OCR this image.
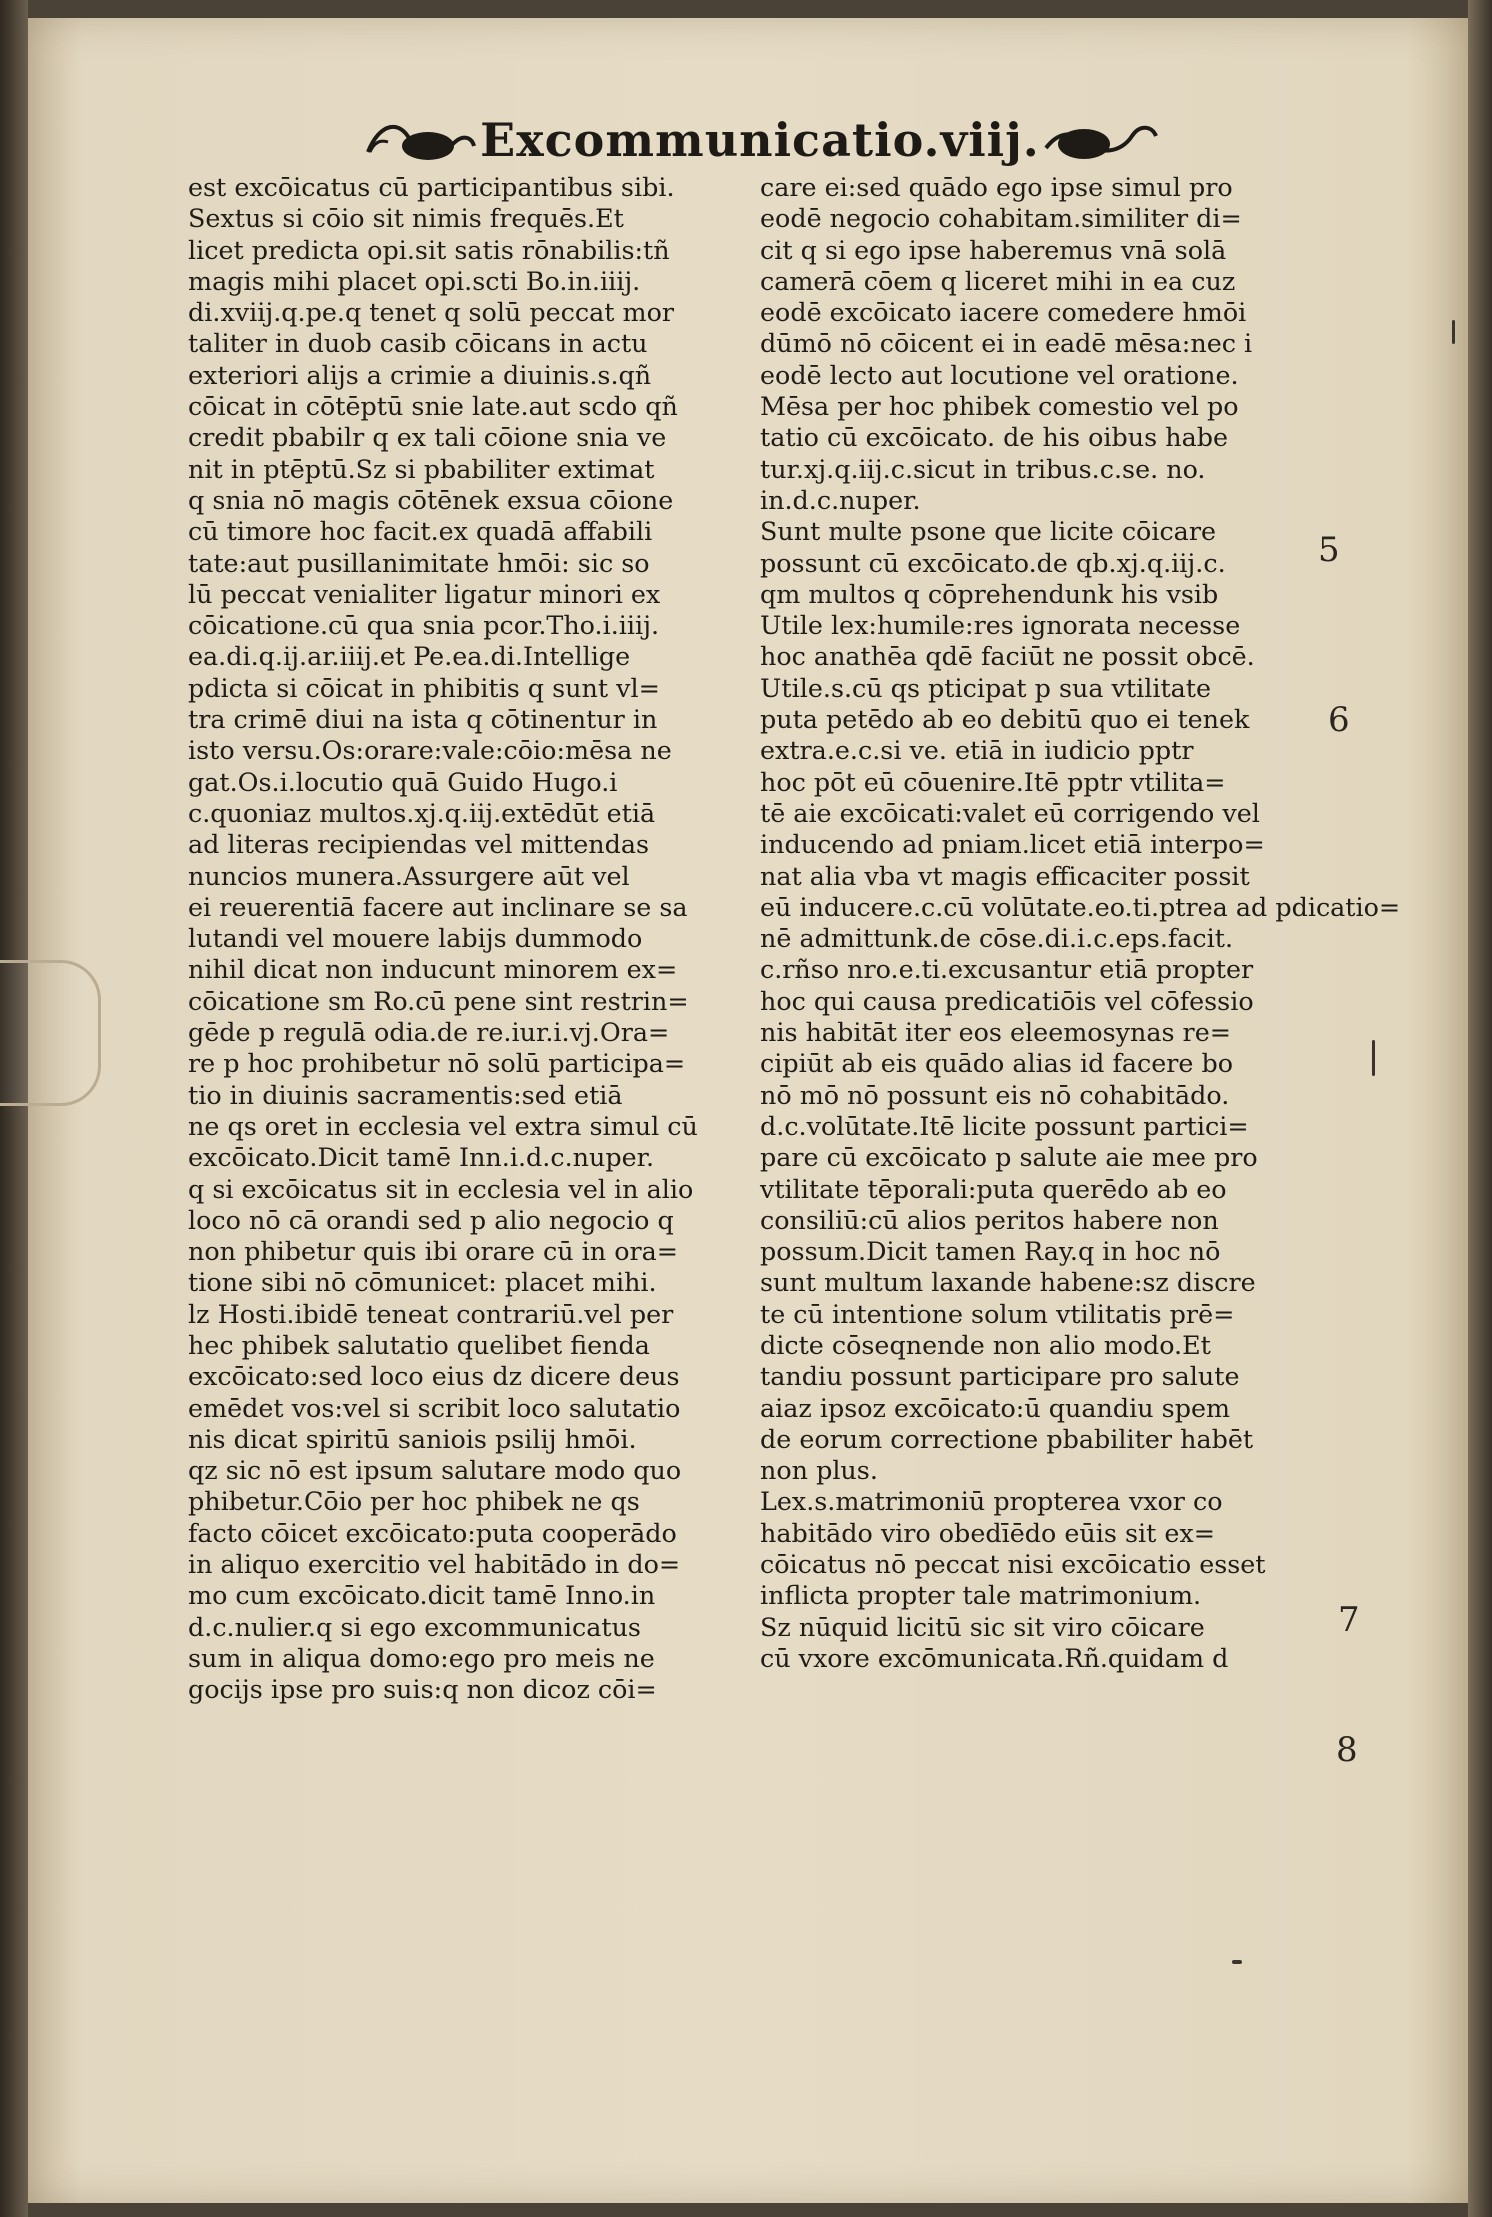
Excommunicatio.viij.
est excōicatus cū participantibus sibi.
Sextus si cōio sit nimis frequēs.Et
licet predicta opi.sit satis rōnabilis:tñ
magis mihi placet opi.scti Bo.in.iiij.
di.xviij.q.pe.q tenet q solū peccat mor
taliter in duob casib cōicans in actu
exteriori alijs a crimie a diuinis.s.qñ
cōicat in cōtēptū snie late.aut scdo qñ
credit pbabilr q ex tali cōione snia ve
nit in ptēptū.Sz si pbabiliter extimat
q snia nō magis cōtēnek exsua cōione
cū timore hoc facit.ex quadā affabili
tate:aut pusillanimitate hmōi: sic so
lū peccat venialiter ligatur minori ex
cōicatione.cū qua snia pcor.Tho.i.iiij.
ea.di.q.ij.ar.iiij.et Pe.ea.di.Intellige
pdicta si cōicat in phibitis q sunt vl=
tra crimē diui na ista q cōtinentur in
isto versu.Os:orare:vale:cōio:mēsa ne
gat.Os.i.locutio quā Guido Hugo.i
c.quoniaz multos.xj.q.iij.extēdūt etiā
ad literas recipiendas vel mittendas
nuncios munera.Assurgere aūt vel
ei reuerentiā facere aut inclinare se sa
lutandi vel mouere labijs dummodo
nihil dicat non inducunt minorem ex=
cōicatione sm Ro.cū pene sint restrin=
gēde p regulā odia.de re.iur.i.vj.Ora=
re p hoc prohibetur nō solū participa=
tio in diuinis sacramentis:sed etiā
ne qs oret in ecclesia vel extra simul cū
excōicato.Dicit tamē Inn.i.d.c.nuper.
q si excōicatus sit in ecclesia vel in alio
loco nō cā orandi sed p alio negocio q
non phibetur quis ibi orare cū in ora=
tione sibi nō cōmunicet: placet mihi.
lz Hosti.ibidē teneat contrariū.vel per
hec phibek salutatio quelibet fienda
excōicato:sed loco eius dz dicere deus
emēdet vos:vel si scribit loco salutatio
nis dicat spiritū saniois psilij hmōi.
qz sic nō est ipsum salutare modo quo
phibetur.Cōio per hoc phibek ne qs
facto cōicet excōicato:puta cooperādo
in aliquo exercitio vel habitādo in do=
mo cum excōicato.dicit tamē Inno.in
d.c.nulier.q si ego excommunicatus
sum in aliqua domo:ego pro meis ne
gocijs ipse pro suis:q non dicoz cōi=
care ei:sed quādo ego ipse simul pro
eodē negocio cohabitam.similiter di=
cit q si ego ipse haberemus vnā solā
camerā cōem q liceret mihi in ea cuz
eodē excōicato iacere comedere hmōi
dūmō nō cōicent ei in eadē mēsa:nec i
eodē lecto aut locutione vel oratione.
Mēsa per hoc phibek comestio vel po
tatio cū excōicato. de his oibus habe
tur.xj.q.iij.c.sicut in tribus.c.se. no.
in.d.c.nuper.
Sunt multe psone que licite cōicare
possunt cū excōicato.de qb.xj.q.iij.c.
qm multos q cōprehendunk his vsib
Utile lex:humile:res ignorata necesse
hoc anathēa qdē faciūt ne possit obcē.
Utile.s.cū qs pticipat p sua vtilitate
puta petēdo ab eo debitū quo ei tenek
extra.e.c.si ve. etiā in iudicio pptr
hoc pōt eū cōuenire.Itē pptr vtilita=
tē aie excōicati:valet eū corrigendo vel
inducendo ad pniam.licet etiā interpo=
nat alia vba vt magis efficaciter possit
eū inducere.c.cū volūtate.eo.ti.ptrea ad pdicatio=
nē admittunk.de cōse.di.i.c.eps.facit.
c.rñso nro.e.ti.excusantur etiā propter
hoc qui causa predicatiōis vel cōfessio
nis habitāt iter eos eleemosynas re=
cipiūt ab eis quādo alias id facere bo
nō mō nō possunt eis nō cohabitādo.
d.c.volūtate.Itē licite possunt partici=
pare cū excōicato p salute aie mee pro
vtilitate tēporali:puta querēdo ab eo
consiliū:cū alios peritos habere non
possum.Dicit tamen Ray.q in hoc nō
sunt multum laxande habene:sz discre
te cū intentione solum vtilitatis prē=
dicte cōseqnende non alio modo.Et
tandiu possunt participare pro salute
aiaz ipsoz excōicato:ū quandiu spem
de eorum correctione pbabiliter habēt
non plus.
Lex.s.matrimoniū propterea vxor co
habitādo viro obedīēdo eūis sit ex=
cōicatus nō peccat nisi excōicatio esset
inflicta propter tale matrimonium.
Sz nūquid licitū sic sit viro cōicare
cū vxore excōmunicata.Rñ.quidam d
5
6
7
8
